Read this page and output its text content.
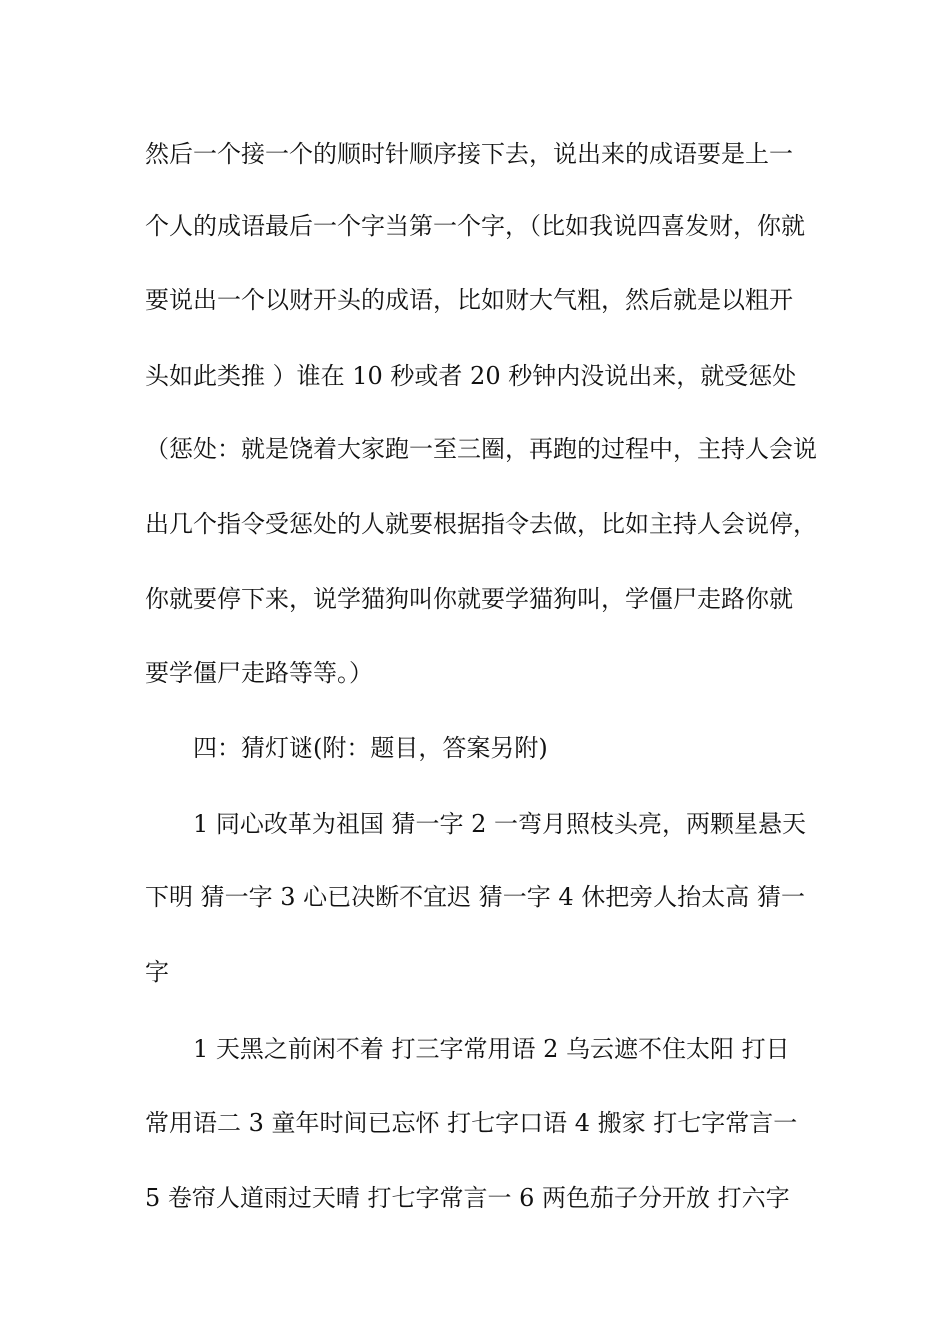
然后一个接一个的顺时针顺序接下去，说出来的成语要是上一
个人的成语最后一个字当第一个字，（比如我说四喜发财，你就
要说出一个以财开头的成语，比如财大气粗，然后就是以粗开
头如此类推 ）谁在 10 秒或者 20 秒钟内没说出来，就受惩处
（惩处：就是饶着大家跑一至三圈，再跑的过程中，主持人会说
出几个指令受惩处的人就要根据指令去做，比如主持人会说停，
你就要停下来，说学猫狗叫你就要学猫狗叫，学僵尸走路你就
要学僵尸走路等等。）
四：猜灯谜(附：题目，答案另附)
1 同心改革为祖国 猜一字 2 一弯月照枝头亮，两颗星悬天
下明 猜一字 3 心已决断不宜迟 猜一字 4 休把旁人抬太高 猜一
字
1 天黑之前闲不着 打三字常用语 2 乌云遮不住太阳 打日
常用语二 3 童年时间已忘怀 打七字口语 4 搬家 打七字常言一
5 卷帘人道雨过天晴 打七字常言一 6 两色茄子分开放 打六字
